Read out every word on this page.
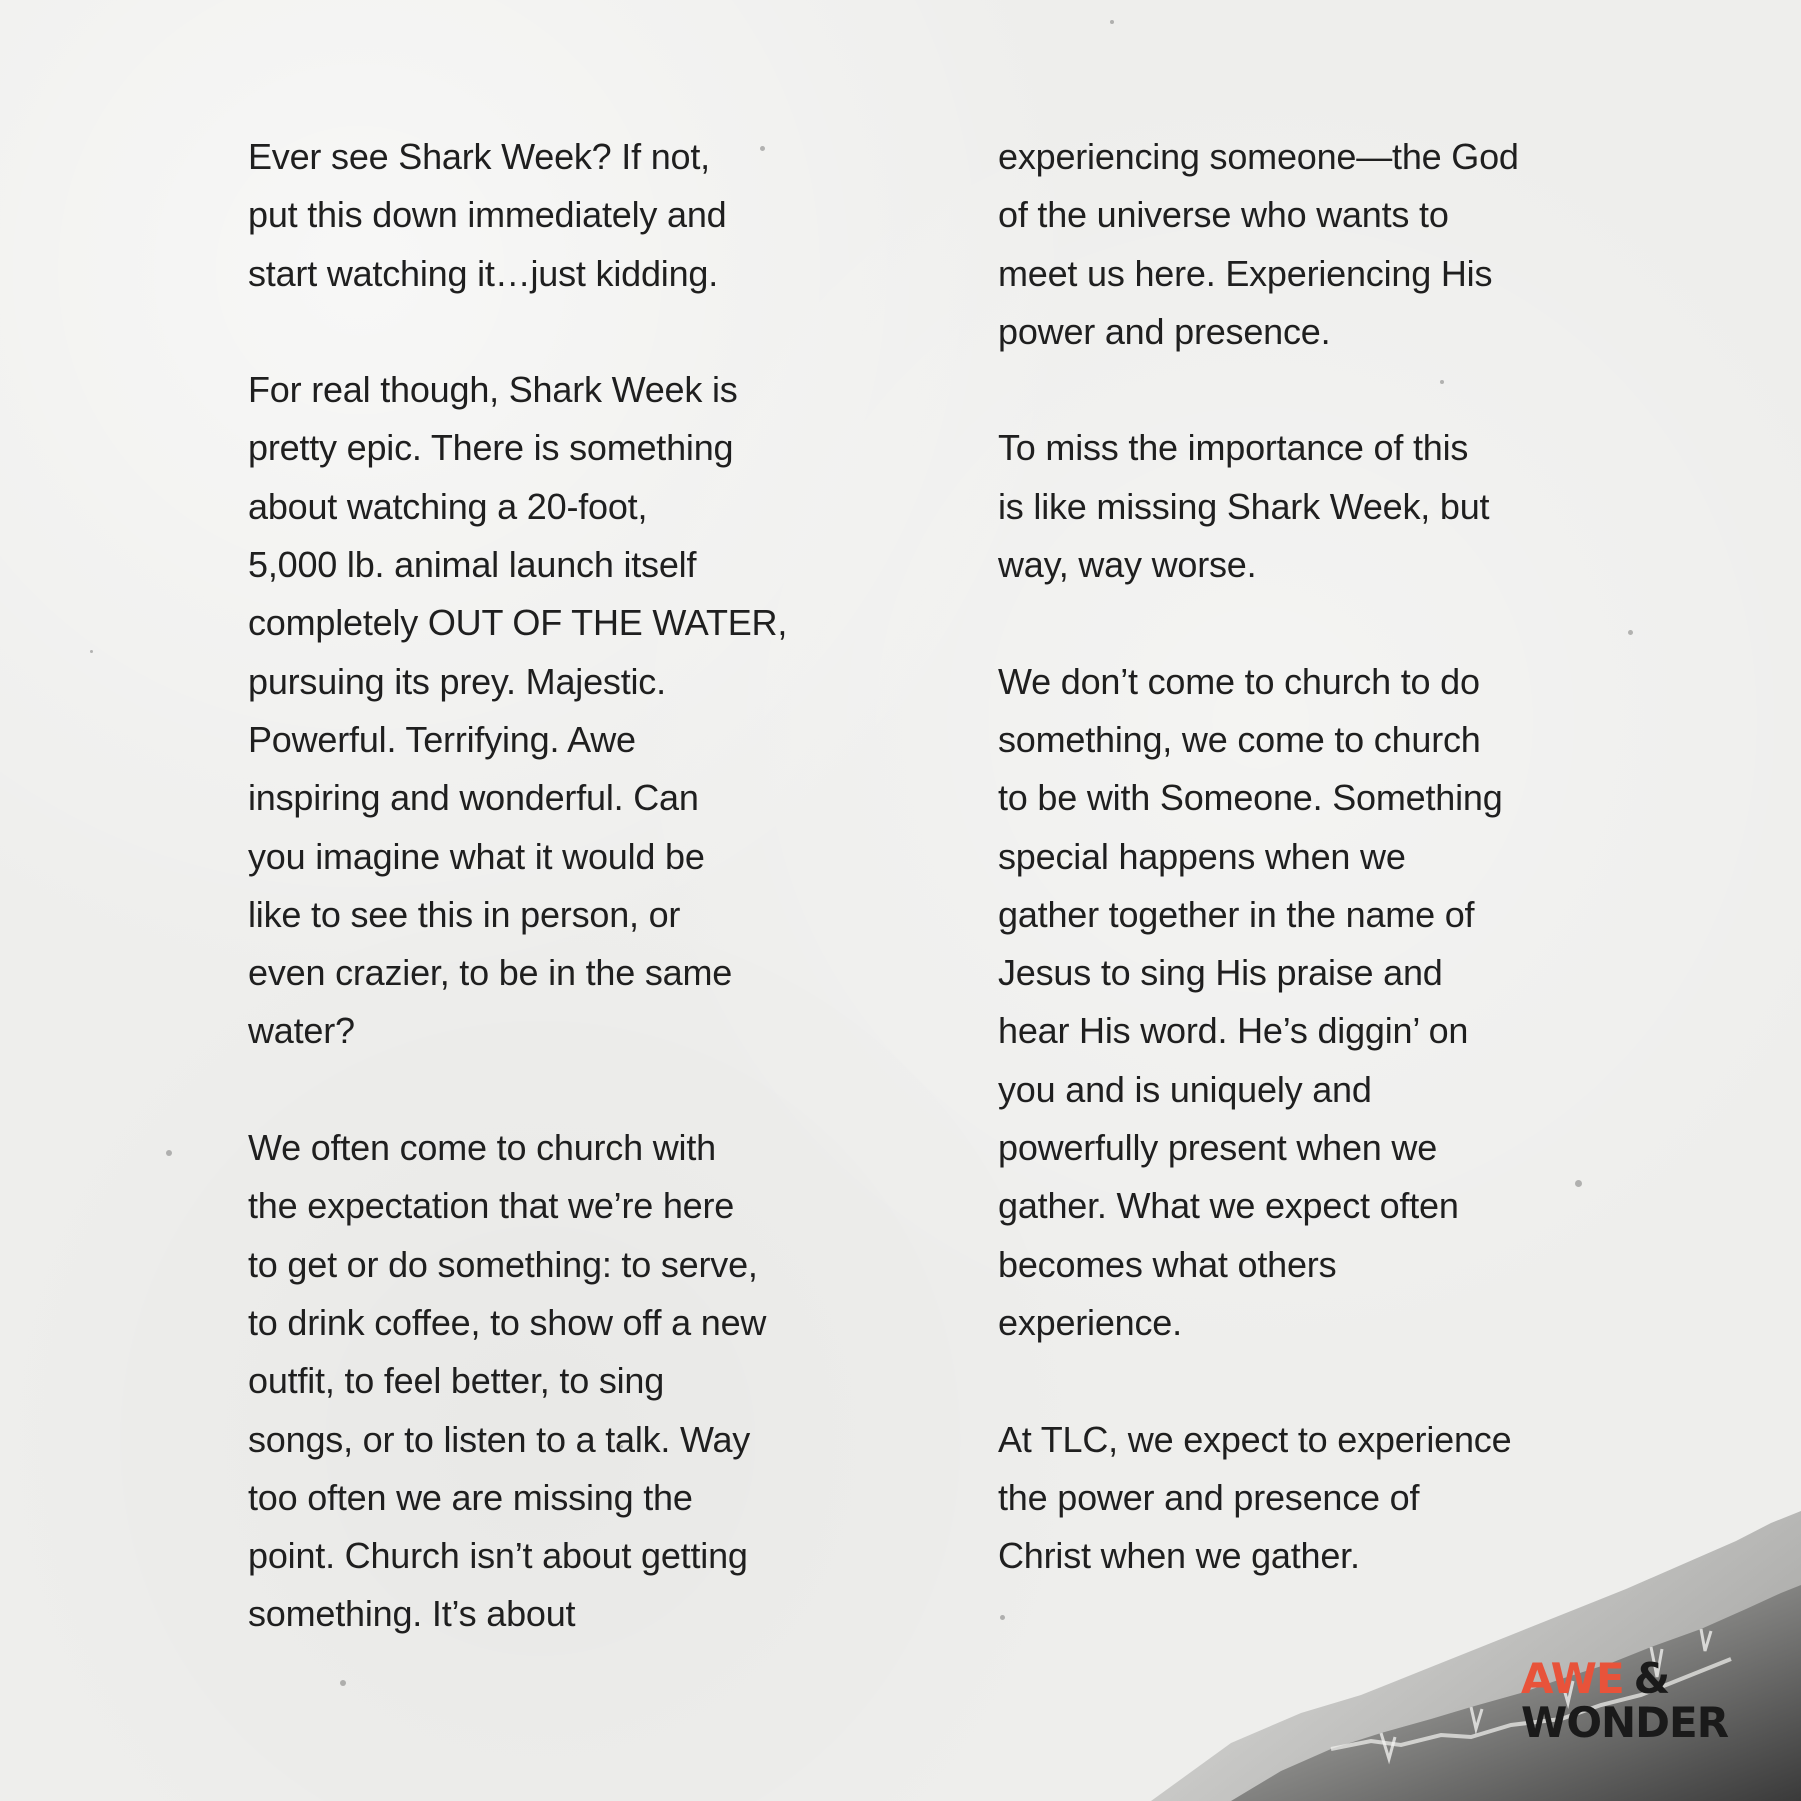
Ever see Shark Week? If not,
put this down immediately and
start watching it…just kidding.

For real though, Shark Week is
pretty epic. There is something
about watching a 20-foot,
5,000 lb. animal launch itself
completely OUT OF THE WATER,
pursuing its prey. Majestic.
Powerful. Terrifying. Awe
inspiring and wonderful. Can
you imagine what it would be
like to see this in person, or
even crazier, to be in the same
water?

We often come to church with
the expectation that we’re here
to get or do something: to serve,
to drink coffee, to show off a new
outfit, to feel better, to sing
songs, or to listen to a talk. Way
too often we are missing the
point. Church isn’t about getting
something. It’s about

experiencing someone—the God
of the universe who wants to
meet us here. Experiencing His
power and presence.

To miss the importance of this
is like missing Shark Week, but
way, way worse.

We don’t come to church to do
something, we come to church
to be with Someone. Something
special happens when we
gather together in the name of
Jesus to sing His praise and
hear His word. He’s diggin’ on
you and is uniquely and
powerfully present when we
gather. What we expect often
becomes what others
experience.

At TLC, we expect to experience
the power and presence of
Christ when we gather.

AWE &
WONDER
